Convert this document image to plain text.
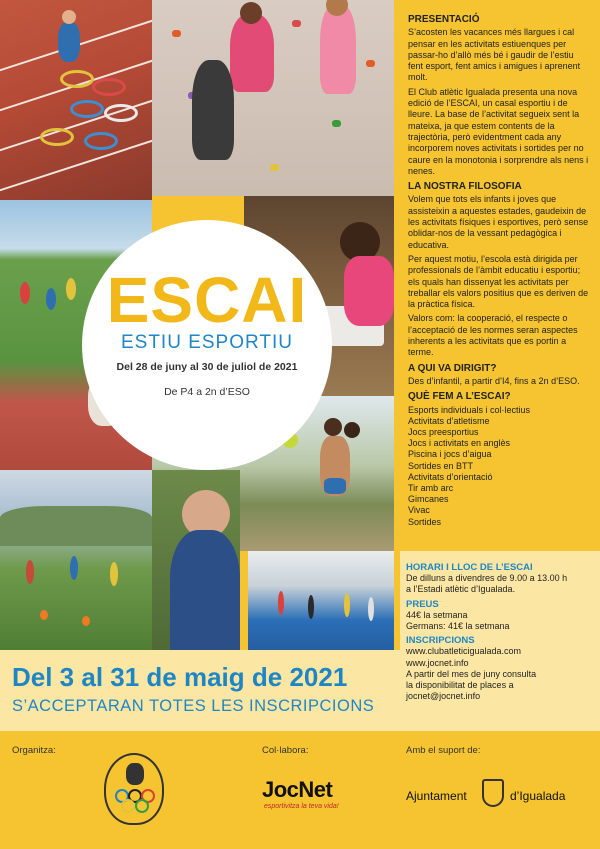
ESCAI
ESTIU ESPORTIU
Del 28 de juny al 30 de juliol de 2021
De P4 a 2n d’ESO
PRESENTACIÓ

S’acosten les vacances més llargues i cal pensar en les activitats estiuenques per passar-ho d’allò més bé i gaudir de l’estiu fent esport, fent amics i amigues i aprenent molt.

El Club atlètic Igualada presenta una nova edició de l’ESCAI, un casal esportiu i de lleure. La base de l’activitat segueix sent la mateixa, ja que estem contents de la trajectòria, però evidentment cada any incorporem noves activitats i sortides per no caure en la monotonia i sorprendre als nens i nenes.

LA NOSTRA FILOSOFIA

Volem que tots els infants i joves que assisteixin a aquestes estades, gaudeixin de les activitats físiques i esportives, però sense oblidar-nos de la vessant pedagògica i educativa.

Per aquest motiu, l’escola està dirigida per professionals de l’àmbit educatiu i esportiu; els quals han dissenyat les activitats per treballar els valors positius que es deriven de la pràctica física.

Valors com: la cooperació, el respecte o l’acceptació de les normes seran aspectes inherents a les activitats que es portin a terme.

A QUI VA DIRIGIT?

Des d’infantil, a partir d’I4, fins a 2n d’ESO.

QUÈ FEM A L’ESCAI?
Esports individuals i col·lectius
Activitats d’atletisme
Jocs preesportius
Jocs i activitats en anglès
Piscina i jocs d’aigua
Sortides en BTT
Activitats d’orientació
Tir amb arc
Gimcanes
Vivac
Sortides
HORARI I LLOC DE L’ESCAI
De dilluns a divendres de 9.00 a 13.00 h
a l’Estadi atlètic d’Igualada.
PREUS
44€ la setmana
Germans: 41€ la setmana
INSCRIPCIONS
www.clubatleticigualada.com
www.jocnet.info
A partir del mes de juny consulta
la disponibilitat de places a
jocnet@jocnet.info
Del 3 al 31 de maig de 2021
S’ACCEPTARAN TOTES LES INSCRIPCIONS
Organitza:	Col·labora:	Amb el suport de:
JocNet
esportivitza la teva vida!
Ajuntament	d’Igualada
